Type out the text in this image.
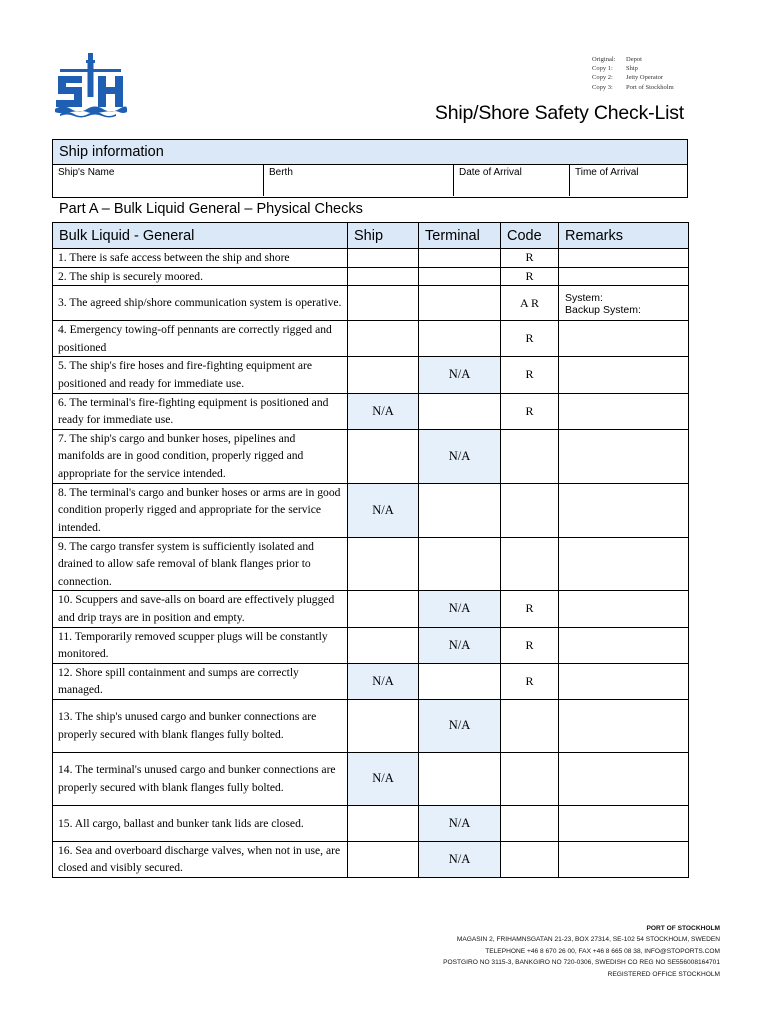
Original:	Depot
Copy 1:	Ship
Copy 2:	Jetty Operator
Copy 3:	Port of Stockholm
Ship/Shore Safety Check-List
Ship information
Ship's Name	Berth	Date of Arrival	Time of Arrival
Part A – Bulk Liquid General – Physical Checks
Bulk Liquid - General	Ship	Terminal	Code	Remarks
1. There is safe access between the ship and shore			R	
2. The ship is securely moored.			R	
3. The agreed ship/shore communication system is operative.			A R	System:
Backup System:
4. Emergency towing-off pennants are correctly rigged and positioned			R	
5. The ship's fire hoses and fire-fighting equipment are positioned and ready for immediate use.		N/A	R	
6. The terminal's fire-fighting equipment is positioned and ready for immediate use.	N/A		R	
7. The ship's cargo and bunker hoses, pipelines and manifolds are in good condition, properly rigged and appropriate for the service intended.		N/A		
8. The terminal's cargo and bunker hoses or arms are in good condition properly rigged and appropriate for the service intended.	N/A			
9. The cargo transfer system is sufficiently isolated and drained to allow safe removal of blank flanges prior to connection.				
10. Scuppers and save-alls on board are effectively plugged and drip trays are in position and empty.		N/A	R	
11. Temporarily removed scupper plugs will be constantly monitored.		N/A	R	
12. Shore spill containment and sumps are correctly managed.	N/A		R	
13. The ship's unused cargo and bunker connections are properly secured with blank flanges fully bolted.		N/A		
14. The terminal's unused cargo and bunker connections are properly secured with blank flanges fully bolted.	N/A			
15. All cargo, ballast and bunker tank lids are closed.		N/A		
16. Sea and overboard discharge valves, when not in use, are closed and visibly secured.		N/A		
PORT OF STOCKHOLM
MAGASIN 2, FRIHAMNSGATAN 21-23, BOX 27314, SE-102 54 STOCKHOLM, SWEDEN
TELEPHONE +46 8 670 26 00, FAX +46 8 665 08 38, INFO@STOPORTS.COM
POSTGIRO NO 3115-3, BANKGIRO NO 720-0306, SWEDISH CO REG NO SE556008164701
REGISTERED OFFICE STOCKHOLM
